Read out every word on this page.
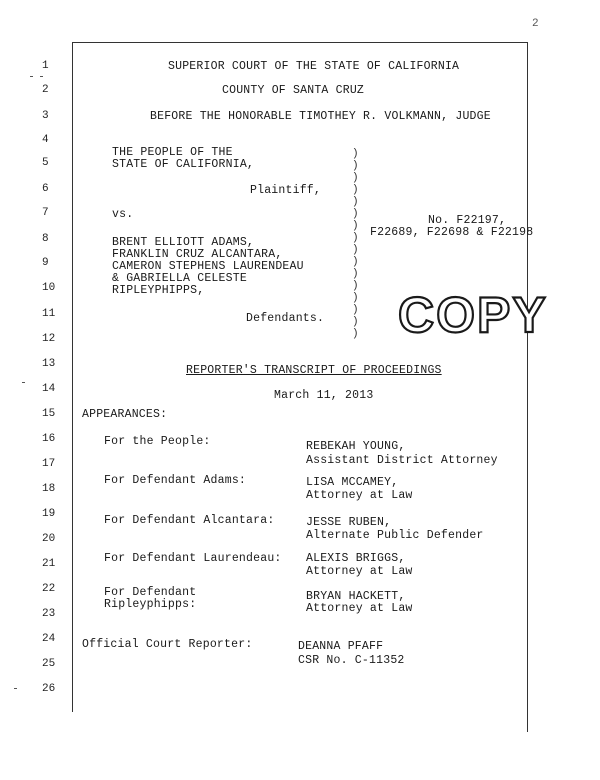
2
1
2
3
4
5
6
7
8
9
10
11
12
13
14
15
16
17
18
19
20
21
22
23
24
25
26
SUPERIOR COURT OF THE STATE OF CALIFORNIA
COUNTY OF SANTA CRUZ
BEFORE THE HONORABLE TIMOTHEY R. VOLKMANN, JUDGE
THE PEOPLE OF THE
STATE OF CALIFORNIA,
Plaintiff,
vs.
BRENT ELLIOTT ADAMS,
FRANKLIN CRUZ ALCANTARA,
CAMERON STEPHENS LAURENDEAU
& GABRIELLA CELESTE
RIPLEYPHIPPS,
Defendants.
)
)
)
)
)
)
)
)
)
)
)
)
)
)
)
)
No. F22197,
F22689, F22698 & F22198
COPY
REPORTER'S TRANSCRIPT OF PROCEEDINGS
March 11, 2013
APPEARANCES:
For the People:	REBEKAH YOUNG,
Assistant District Attorney
For Defendant Adams:	LISA MCCAMEY,
Attorney at Law
For Defendant Alcantara:	JESSE RUBEN,
Alternate Public Defender
For Defendant Laurendeau: ALEXIS BRIGGS,
Attorney at Law
For Defendant
Ripleyphipps:
BRYAN HACKETT,
Attorney at Law
Official Court Reporter:	DEANNA PFAFF
CSR No. C-11352
